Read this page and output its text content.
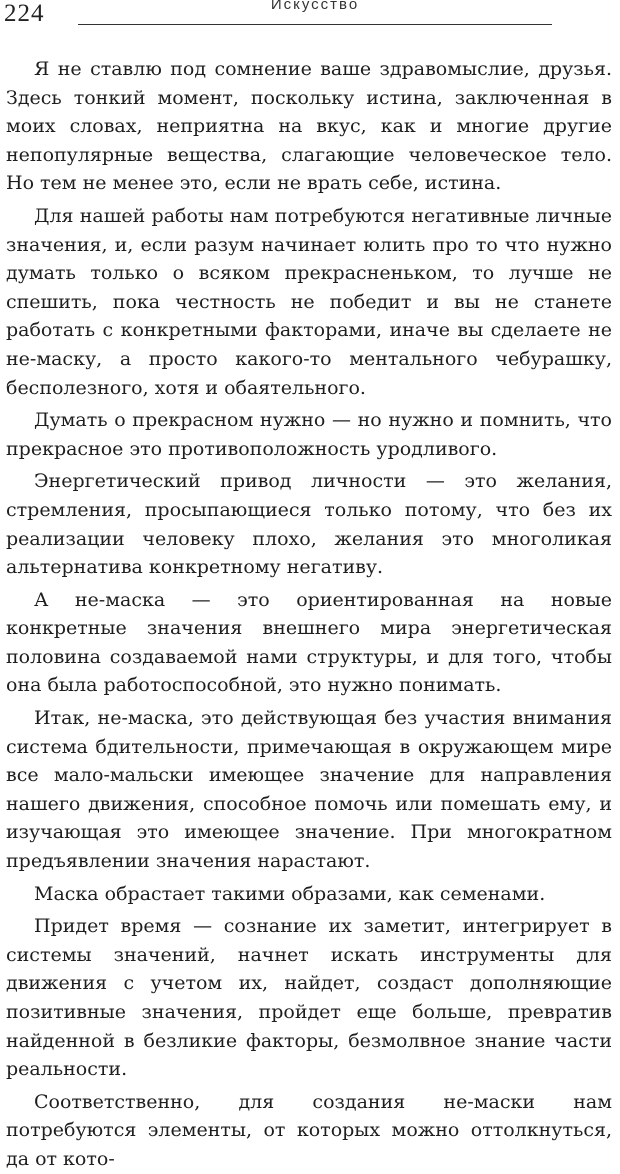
224	Искусство

Я не ставлю под сомнение ваше здравомыслие, друзья. Здесь тонкий момент, поскольку истина, заключенная в моих словах, неприятна на вкус, как и многие другие непопулярные вещества, слагающие человеческое тело. Но тем не менее это, если не врать себе, истина.

Для нашей работы нам потребуются негативные личные значения, и, если разум начинает юлить про то что нужно думать только о всяком прекрасненьком, то лучше не спешить, пока честность не победит и вы не станете работать с конкретными факторами, иначе вы сделаете не не-маску, а просто какого-то ментального чебурашку, бесполезного, хотя и обаятельного.

Думать о прекрасном нужно — но нужно и помнить, что прекрасное это противоположность уродливого.

Энергетический привод личности — это желания, стремления, просыпающиеся только потому, что без их реализации человеку плохо, желания это многоликая альтернатива конкретному негативу.

А не-маска — это ориентированная на новые конкретные значения внешнего мира энергетическая половина создаваемой нами структуры, и для того, чтобы она была работоспособной, это нужно понимать.

Итак, не-маска, это действующая без участия внимания система бдительности, примечающая в окружающем мире все мало-мальски имеющее значение для направления нашего движения, способное помочь или помешать ему, и изучающая это имеющее значение. При многократном предъявлении значения нарастают.

Маска обрастает такими образами, как семенами.

Придет время — сознание их заметит, интегрирует в системы значений, начнет искать инструменты для движения с учетом их, найдет, создаст дополняющие позитивные значения, пройдет еще больше, превратив найденной в безликие факторы, безмолвное знание части реальности.

Соответственно, для создания не-маски нам потребуются элементы, от которых можно оттолкнуться, да от кото-
